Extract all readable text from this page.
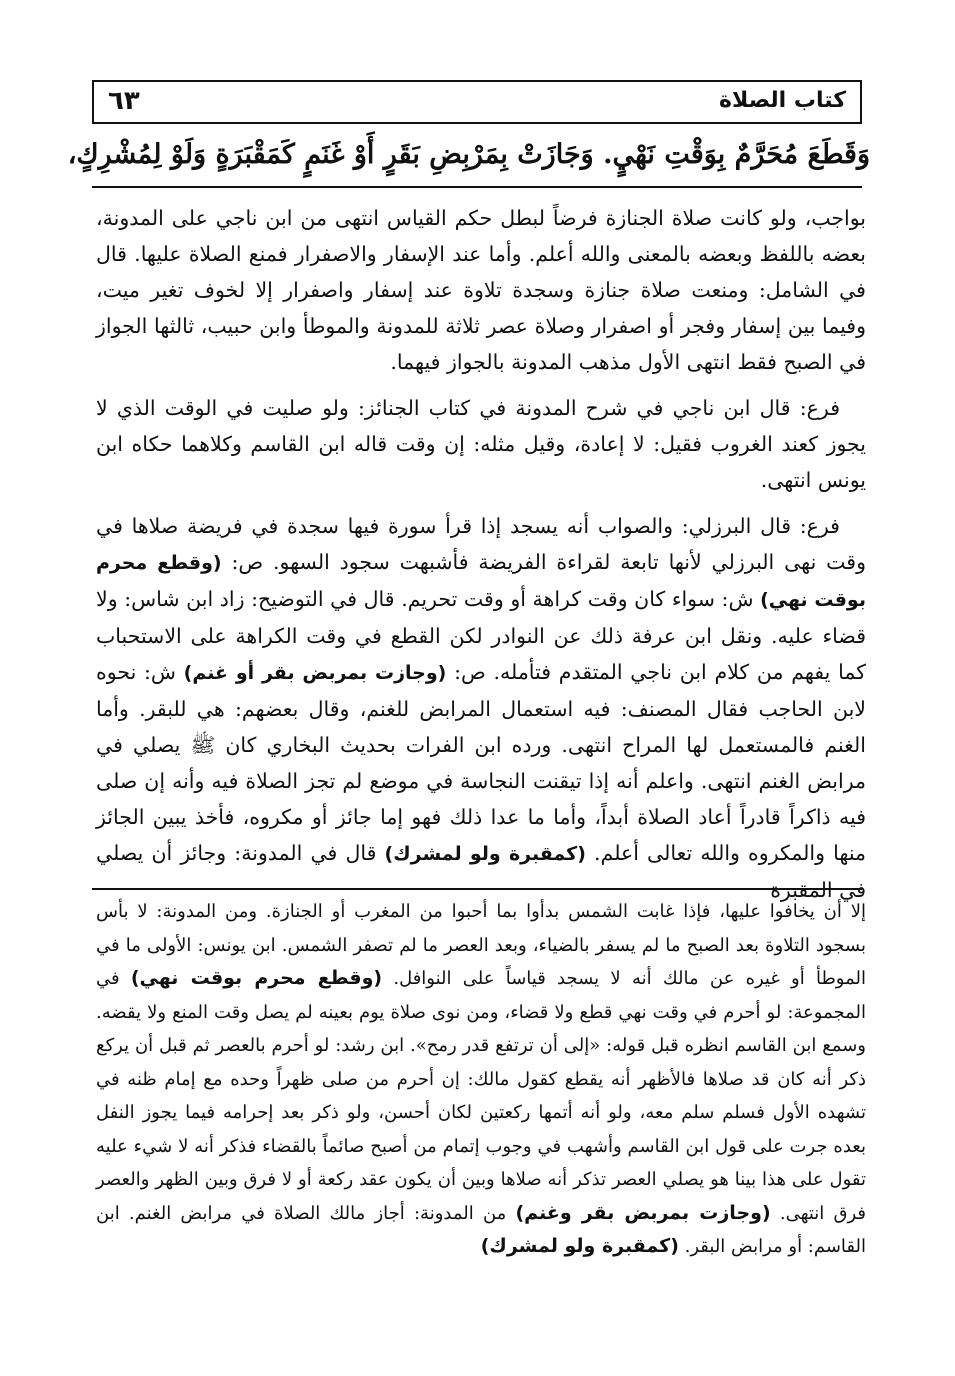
كتاب الصلاة
٦٣
وَقَطَعَ مُحَرَّمٌ بِوَقْتِ نَهْيٍ. وَجَازَتْ بِمَرْبِضِ بَقَرٍ أَوْ غَنَمٍ كَمَقْبَرَةٍ وَلَوْ لِمُشْرِكٍ،

بواجب، ولو كانت صلاة الجنازة فرضاً لبطل حكم القياس انتهى من ابن ناجي على المدونة، بعضه باللفظ وبعضه بالمعنى والله أعلم. وأما عند الإسفار والاصفرار فمنع الصلاة عليها. قال في الشامل: ومنعت صلاة جنازة وسجدة تلاوة عند إسفار واصفرار إلا لخوف تغير ميت، وفيما بين إسفار وفجر أو اصفرار وصلاة عصر ثلاثة للمدونة والموطأ وابن حبيب، ثالثها الجواز في الصبح فقط انتهى الأول مذهب المدونة بالجواز فيهما.

فرع: قال ابن ناجي في شرح المدونة في كتاب الجنائز: ولو صليت في الوقت الذي لا يجوز كعند الغروب فقيل: لا إعادة، وقيل مثله: إن وقت قاله ابن القاسم وكلاهما حكاه ابن يونس انتهى.

فرع: قال البرزلي: والصواب أنه يسجد إذا قرأ سورة فيها سجدة في فريضة صلاها في وقت نهى البرزلي لأنها تابعة لقراءة الفريضة فأشبهت سجود السهو. ص: (وقطع محرم بوقت نهي) ش: سواء كان وقت كراهة أو وقت تحريم. قال في التوضيح: زاد ابن شاس: ولا قضاء عليه. ونقل ابن عرفة ذلك عن النوادر لكن القطع في وقت الكراهة على الاستحباب كما يفهم من كلام ابن ناجي المتقدم فتأمله. ص: (وجازت بمربض بقر أو غنم) ش: نحوه لابن الحاجب فقال المصنف: فيه استعمال المرابض للغنم، وقال بعضهم: هي للبقر. وأما الغنم فالمستعمل لها المراح انتهى. ورده ابن الفرات بحديث البخاري كان ﷺ يصلي في مرابض الغنم انتهى. واعلم أنه إذا تيقنت النجاسة في موضع لم تجز الصلاة فيه وأنه إن صلى فيه ذاكراً قادراً أعاد الصلاة أبداً، وأما ما عدا ذلك فهو إما جائز أو مكروه، فأخذ يبين الجائز منها والمكروه والله تعالى أعلم. (كمقبرة ولو لمشرك) قال في المدونة: وجائز أن يصلي في المقبرة

إلا أن يخافوا عليها، فإذا غابت الشمس بدأوا بما أحبوا من المغرب أو الجنازة. ومن المدونة: لا بأس بسجود التلاوة بعد الصبح ما لم يسفر بالضياء، وبعد العصر ما لم تصفر الشمس. ابن يونس: الأولى ما في الموطأ أو غيره عن مالك أنه لا يسجد قياساً على النوافل. (وقطع محرم بوقت نهي) في المجموعة: لو أحرم في وقت نهي قطع ولا قضاء، ومن نوى صلاة يوم بعينه لم يصل وقت المنع ولا يقضه. وسمع ابن القاسم انظره قبل قوله: «إلى أن ترتفع قدر رمح». ابن رشد: لو أحرم بالعصر ثم قبل أن يركع ذكر أنه كان قد صلاها فالأظهر أنه يقطع كقول مالك: إن أحرم من صلى ظهراً وحده مع إمام ظنه في تشهده الأول فسلم سلم معه، ولو أنه أتمها ركعتين لكان أحسن، ولو ذكر بعد إحرامه فيما يجوز النفل بعده جرت على قول ابن القاسم وأشهب في وجوب إتمام من أصبح صائماً بالقضاء فذكر أنه لا شيء عليه تقول على هذا بينا هو يصلي العصر تذكر أنه صلاها وبين أن يكون عقد ركعة أو لا فرق وبين الظهر والعصر فرق انتهى. (وجازت بمربض بقر وغنم) من المدونة: أجاز مالك الصلاة في مرابض الغنم. ابن القاسم: أو مرابض البقر. (كمقبرة ولو لمشرك)
